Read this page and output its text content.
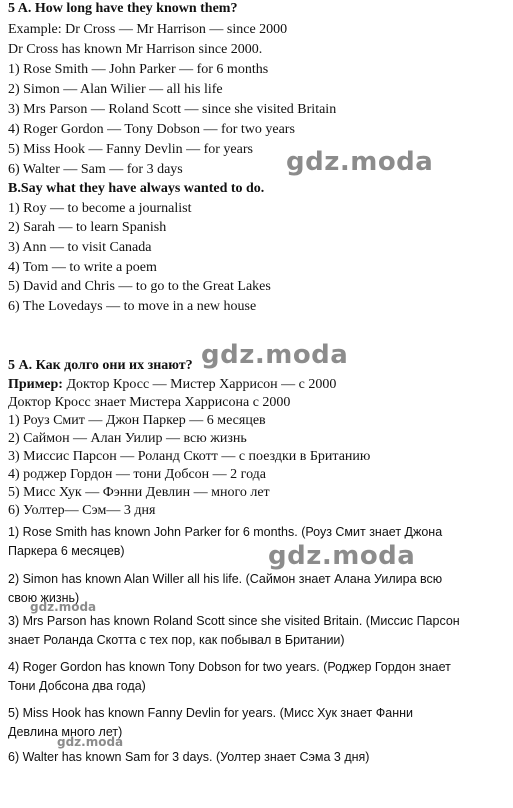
5 A. How long have they known them?
Example: Dr Cross — Mr Harrison — since 2000
Dr Cross has known Mr Harrison since 2000.
1) Rose Smith — John Parker — for 6 months
2) Simon — Alan Wilier — all his life
3) Mrs Parson — Roland Scott — since she visited Britain
4) Roger Gordon — Tony Dobson — for two years
5) Miss Hook — Fanny Devlin — for years
6) Walter — Sam — for 3 days
B.Say what they have always wanted to do.
1) Roy — to become a journalist
2) Sarah — to learn Spanish
3) Ann — to visit Canada
4) Tom — to write a poem
5) David and Chris — to go to the Great Lakes
6) The Lovedays — to move in a new house
5 А. Как долго они их знают?
Пример: Доктор Кросс — Мистер Харрисон — с 2000
Доктор Кросс знает Мистера Харрисона с 2000
1) Роуз Смит — Джон Паркер — 6 месяцев
2) Саймон — Алан Уилир — всю жизнь
3) Миссис Парсон — Роланд Скотт — с поездки в Британию
4) роджер Гордон — тони Добсон — 2 года
5) Мисс Хук — Фэнни Девлин — много лет
6) Уолтер— Сэм— 3 дня
1) Rose Smith has known John Parker for 6 months. (Роуз Смит знает Джона
Паркера 6 месяцев)
2) Simon has known Alan Willer all his life. (Саймон знает Алана Уилира всю
свою жизнь)
3) Mrs Parson has known Roland Scott since she visited Britain. (Миссис Парсон
знает Роланда Скотта с тех пор, как побывал в Британии)
4) Roger Gordon has known Tony Dobson for two years. (Роджер Гордон знает
Тони Добсона два года)
5) Miss Hook has known Fanny Devlin for years. (Мисс Хук знает Фанни
Девлина много лет)
6) Walter has known Sam for 3 days. (Уолтер знает Сэма 3 дня)
gdz.moda
gdz.moda
gdz.moda
gdz.moda
gdz.moda
